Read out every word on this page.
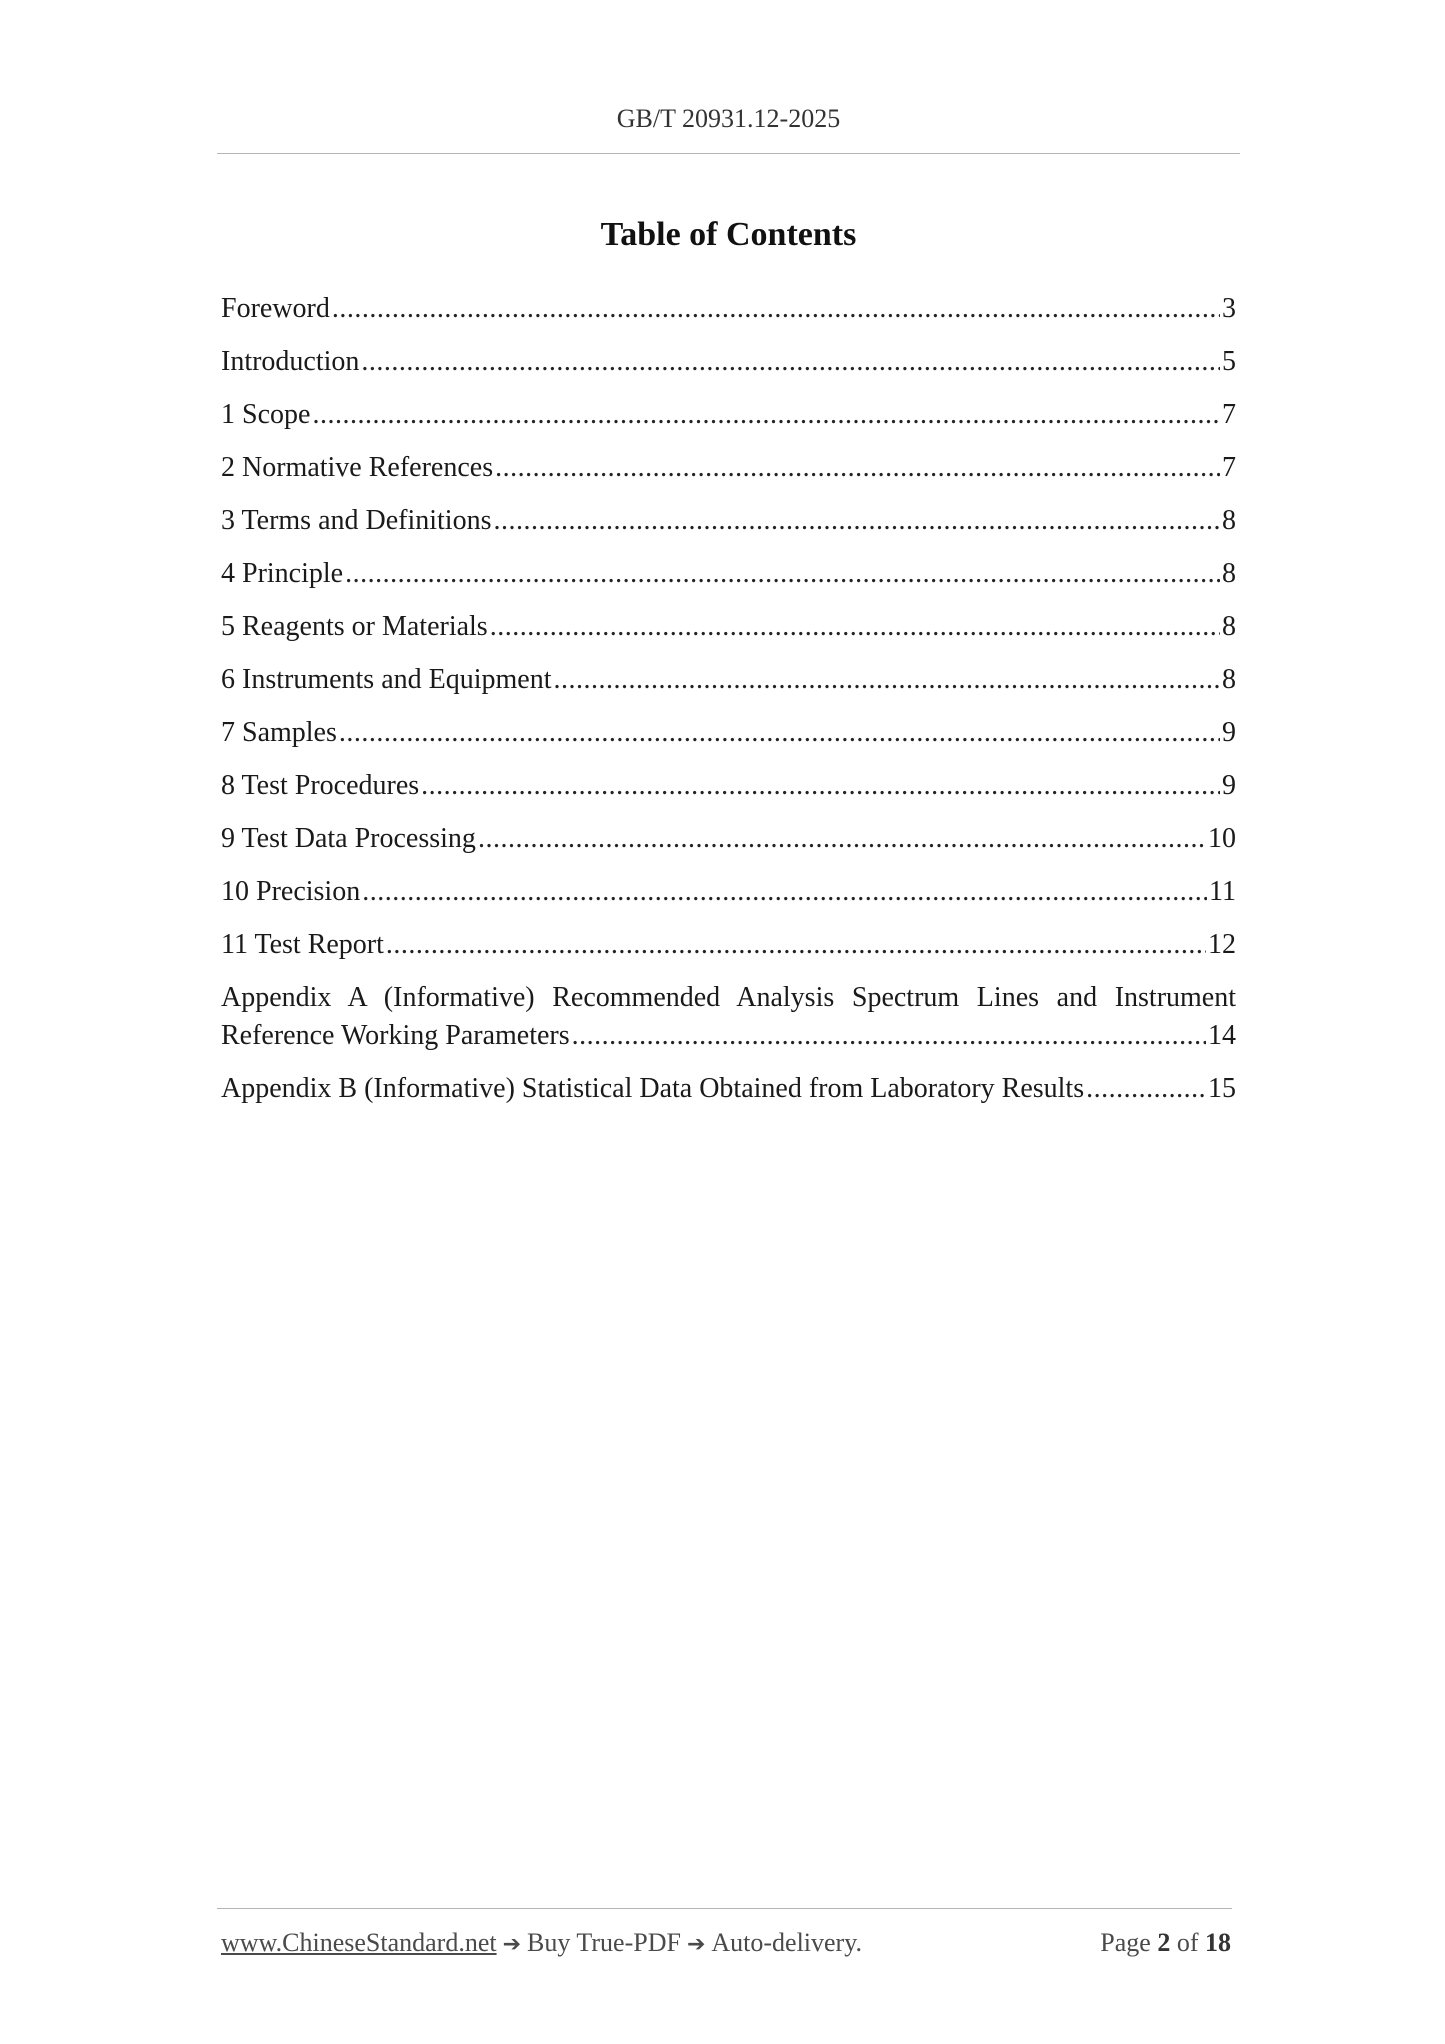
GB/T 20931.12-2025
Table of Contents
Foreword .....	3
Introduction .....	5
1 Scope .....	7
2 Normative References .....	7
3 Terms and Definitions .....	8
4 Principle .....	8
5 Reagents or Materials .....	8
6 Instruments and Equipment .....	8
7 Samples .....	9
8 Test Procedures .....	9
9 Test Data Processing .....	10
10 Precision .....	11
11 Test Report .....	12
Appendix A (Informative) Recommended Analysis Spectrum Lines and Instrument
Reference Working Parameters .....	14
Appendix B (Informative) Statistical Data Obtained from Laboratory Results .....	15
www.ChineseStandard.net ➔ Buy True-PDF ➔ Auto-delivery.	Page 2 of 18
